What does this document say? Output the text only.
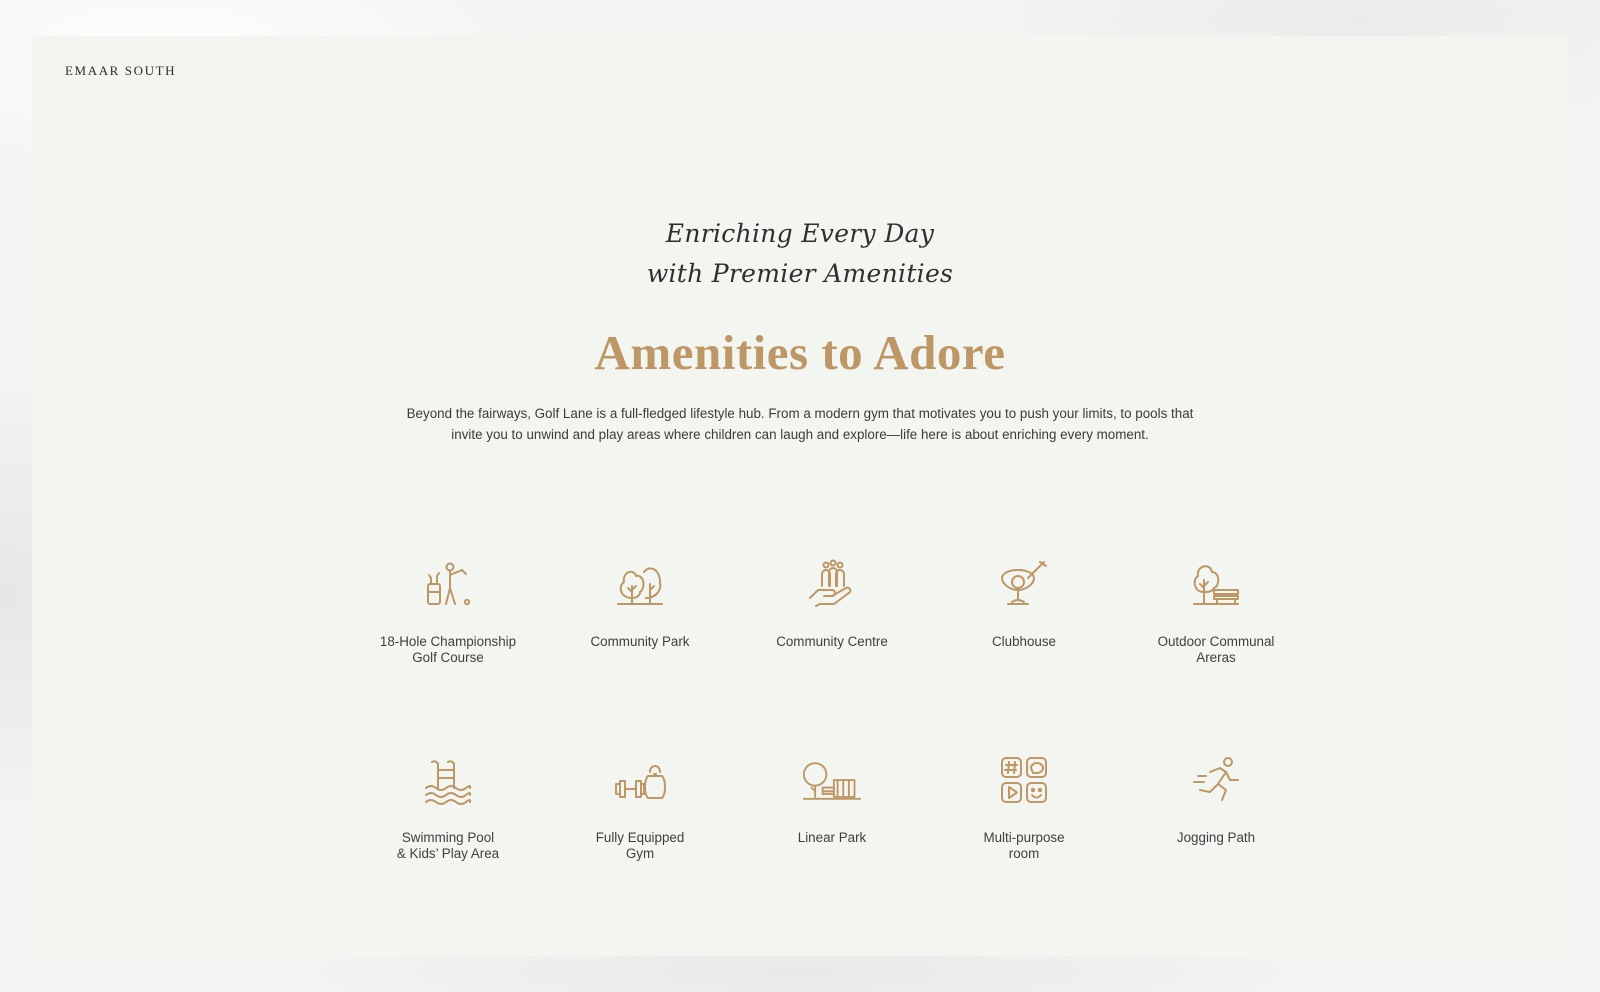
EMAAR SOUTH
Enriching Every Day
with Premier Amenities
Amenities to Adore

Beyond the fairways, Golf Lane is a full-fledged lifestyle hub. From a modern gym that motivates you to push your limits, to pools that invite you to unwind and play areas where children can laugh and explore—life here is about enriching every moment.

18-Hole Championship
Golf Course
Community Park	Community Centre	Clubhouse	Outdoor Communal
Areras
Swimming Pool
& Kids’ Play Area
Fully Equipped
Gym
Linear Park	Multi-purpose
room
Jogging Path
